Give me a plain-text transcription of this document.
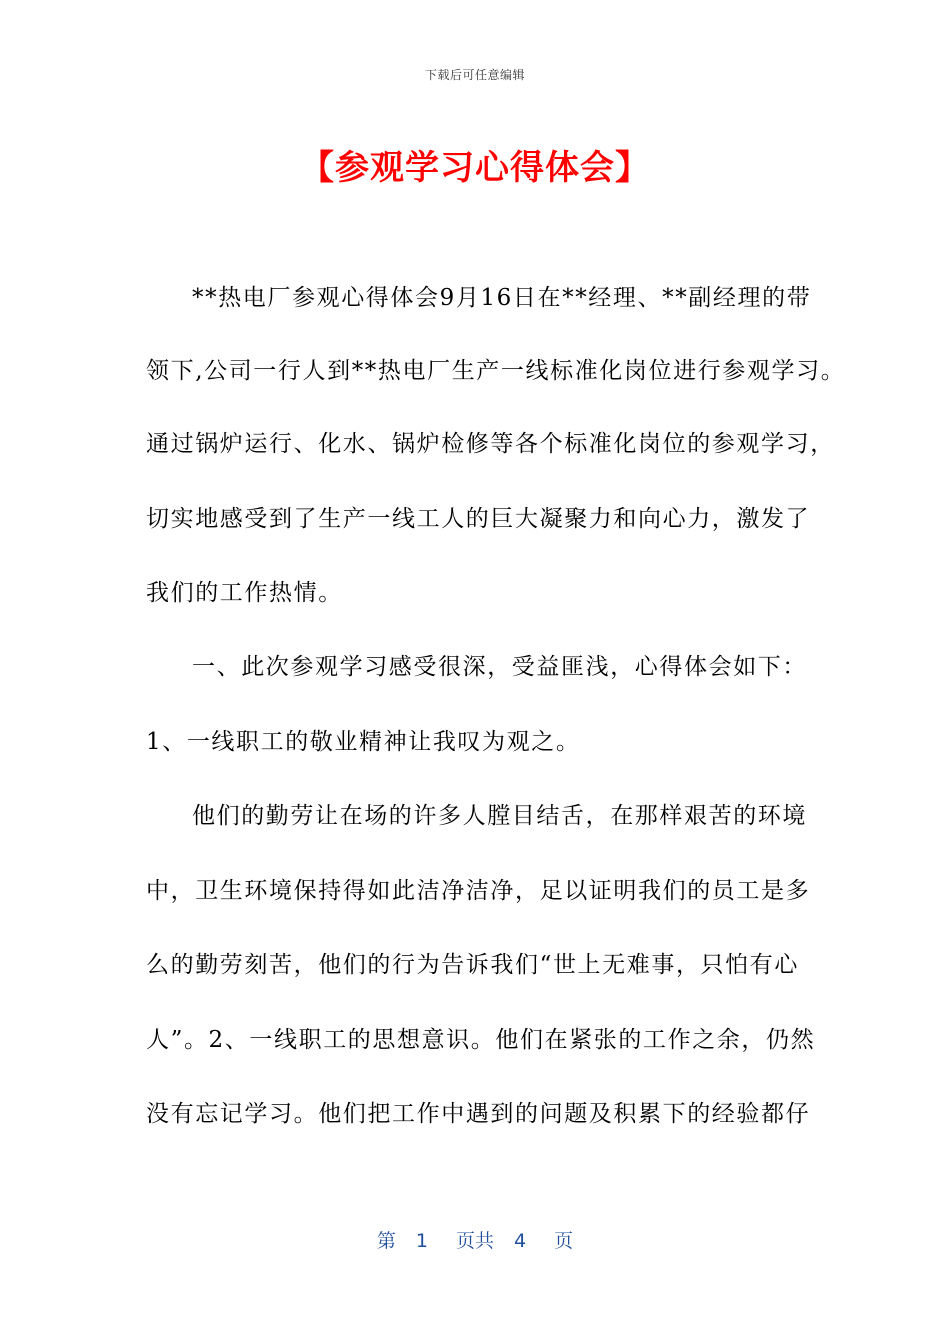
下载后可任意编辑
【参观学习心得体会】
**热电厂参观心得体会9月16日在**经理、**副经理的带
领下,公司一行人到**热电厂生产一线标准化岗位进行参观学习。
通过锅炉运行、化水、锅炉检修等各个标准化岗位的参观学习，
切实地感受到了生产一线工人的巨大凝聚力和向心力，激发了
我们的工作热情。
一、此次参观学习感受很深，受益匪浅，心得体会如下：
1、一线职工的敬业精神让我叹为观之。
他们的勤劳让在场的许多人膛目结舌，在那样艰苦的环境
中，卫生环境保持得如此洁净洁净，足以证明我们的员工是多
么的勤劳刻苦，他们的行为告诉我们“世上无难事，只怕有心
人”。2、一线职工的思想意识。他们在紧张的工作之余，仍然
没有忘记学习。他们把工作中遇到的问题及积累下的经验都仔
第 1 页共 4 页
